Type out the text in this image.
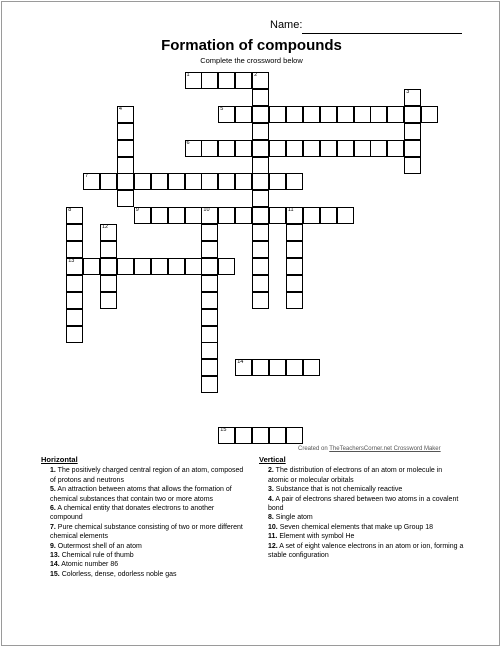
Name:
Formation of compounds
Complete the crossword below
1	2
3
4	5
6
7
8
13
9	10	11
12
14
15
Created on TheTeachersCorner.net Crossword Maker
Horizontal

1. The positively charged central region of an atom, composed of protons and neutrons

5. An attraction between atoms that allows the formation of chemical substances that contain two or more atoms

6. A chemical entity that donates electrons to another compound

7. Pure chemical substance consisting of two or more different chemical elements

9. Outermost shell of an atom

13. Chemical rule of thumb

14. Atomic number 86

15. Colorless, dense, odorless noble gas

Vertical

2. The distribution of electrons of an atom or molecule in atomic or molecular orbitals

3. Substance that is not chemically reactive

4. A pair of electrons shared between two atoms in a covalent bond

8. Single atom

10. Seven chemical elements that make up Group 18

11. Element with symbol He

12. A set of eight valence electrons in an atom or ion, forming a stable configuration
